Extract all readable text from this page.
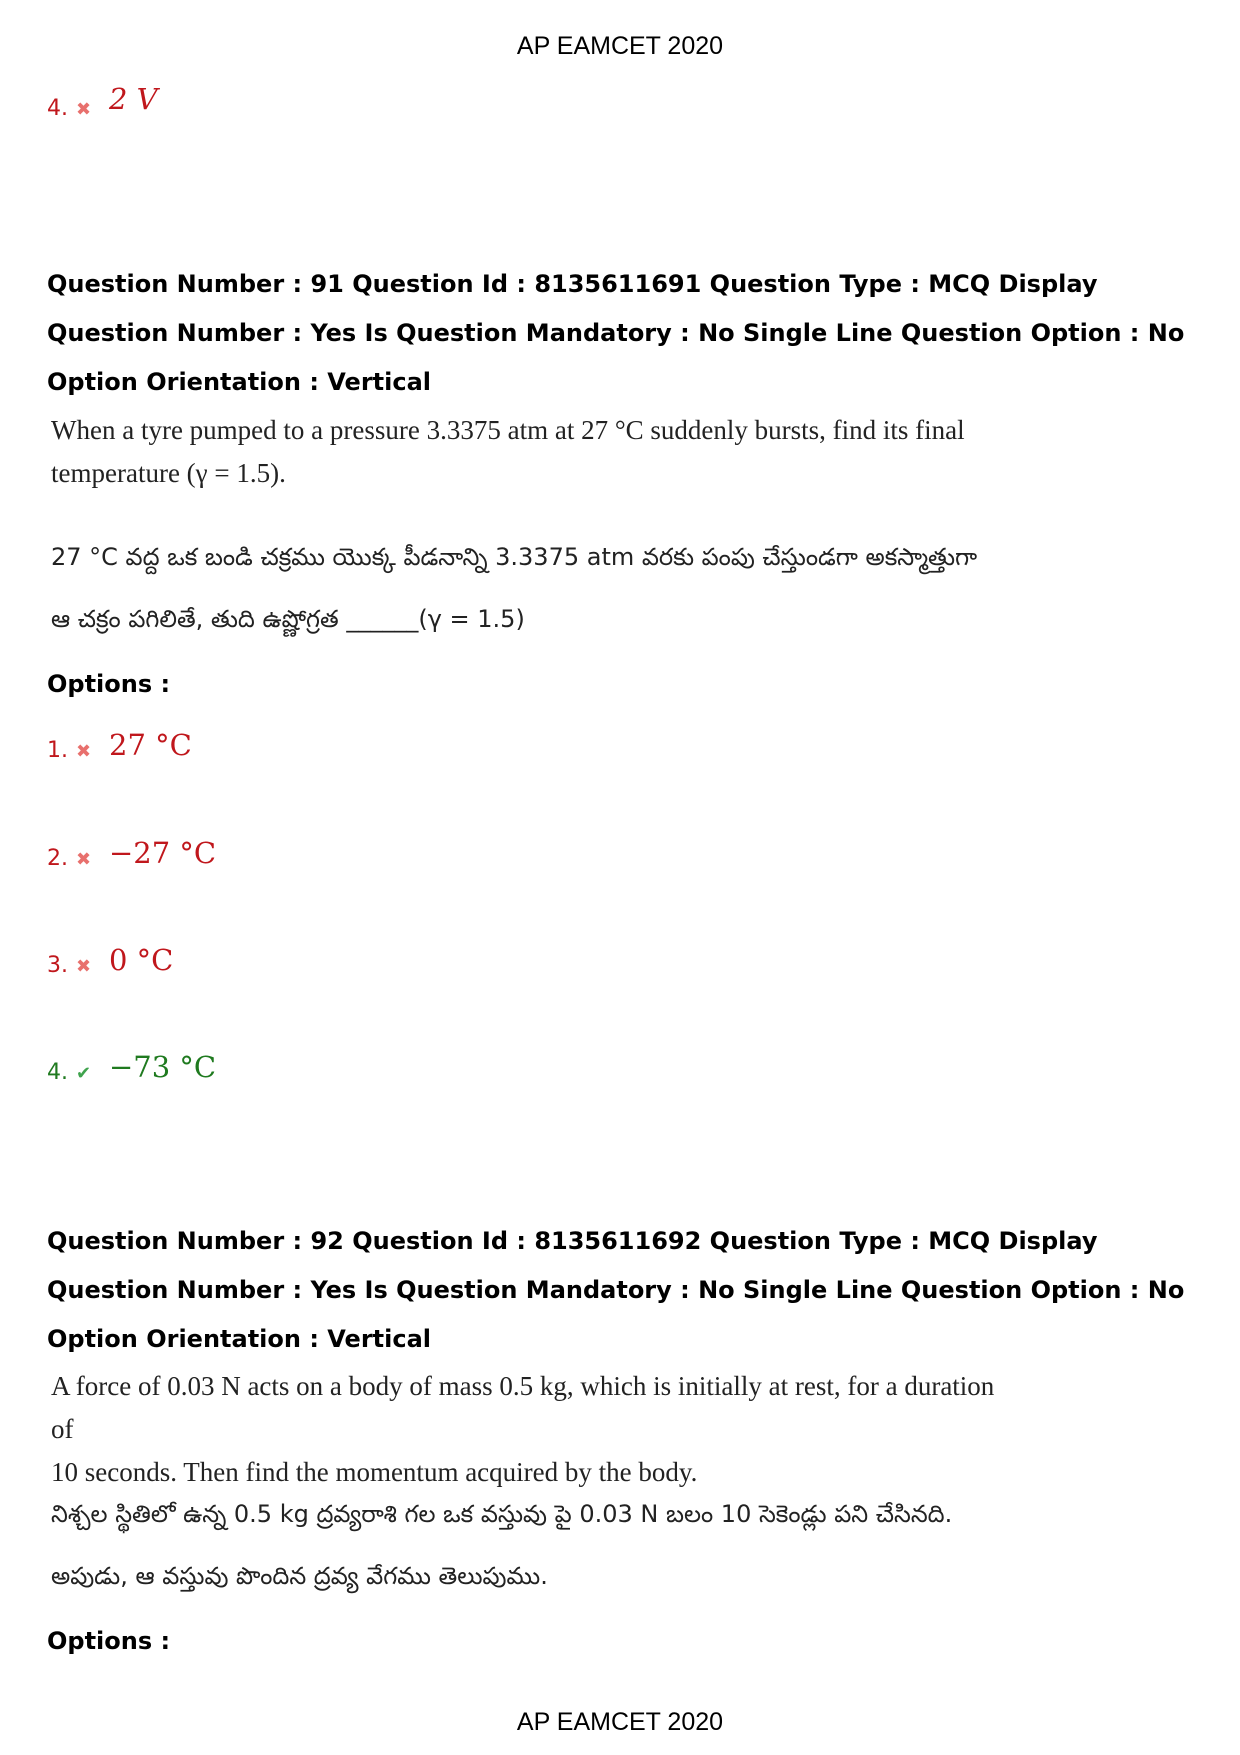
AP EAMCET 2020
4. ✖ 2 V
Question Number : 91 Question Id : 8135611691 Question Type : MCQ Display Question Number : Yes Is Question Mandatory : No Single Line Question Option : No Option Orientation : Vertical
When a tyre pumped to a pressure 3.3375 atm at 27 °C suddenly bursts, find its final
temperature (γ = 1.5).
27 °C వద్ద ఒక బండి చక్రము యొక్క పీడనాన్ని 3.3375 atm వరకు పంపు చేస్తుండగా అకస్మాత్తుగా
ఆ చక్రం పగిలితే, తుది ఉష్ణోగ్రత ______(γ = 1.5)
Options :
1. ✖ 27 °C
2. ✖ −27 °C
3. ✖ 0 °C
4. ✔ −73 °C
Question Number : 92 Question Id : 8135611692 Question Type : MCQ Display Question Number : Yes Is Question Mandatory : No Single Line Question Option : No Option Orientation : Vertical
A force of 0.03 N acts on a body of mass 0.5 kg, which is initially at rest, for a duration of
10 seconds. Then find the momentum acquired by the body.
నిశ్చల స్థితిలో ఉన్న 0.5 kg ద్రవ్యరాశి గల ఒక వస్తువు పై 0.03 N బలం 10 సెకెండ్లు పని చేసినది.
అపుడు, ఆ వస్తువు పొందిన ద్రవ్య వేగము తెలుపుము.
Options :
AP EAMCET 2020
